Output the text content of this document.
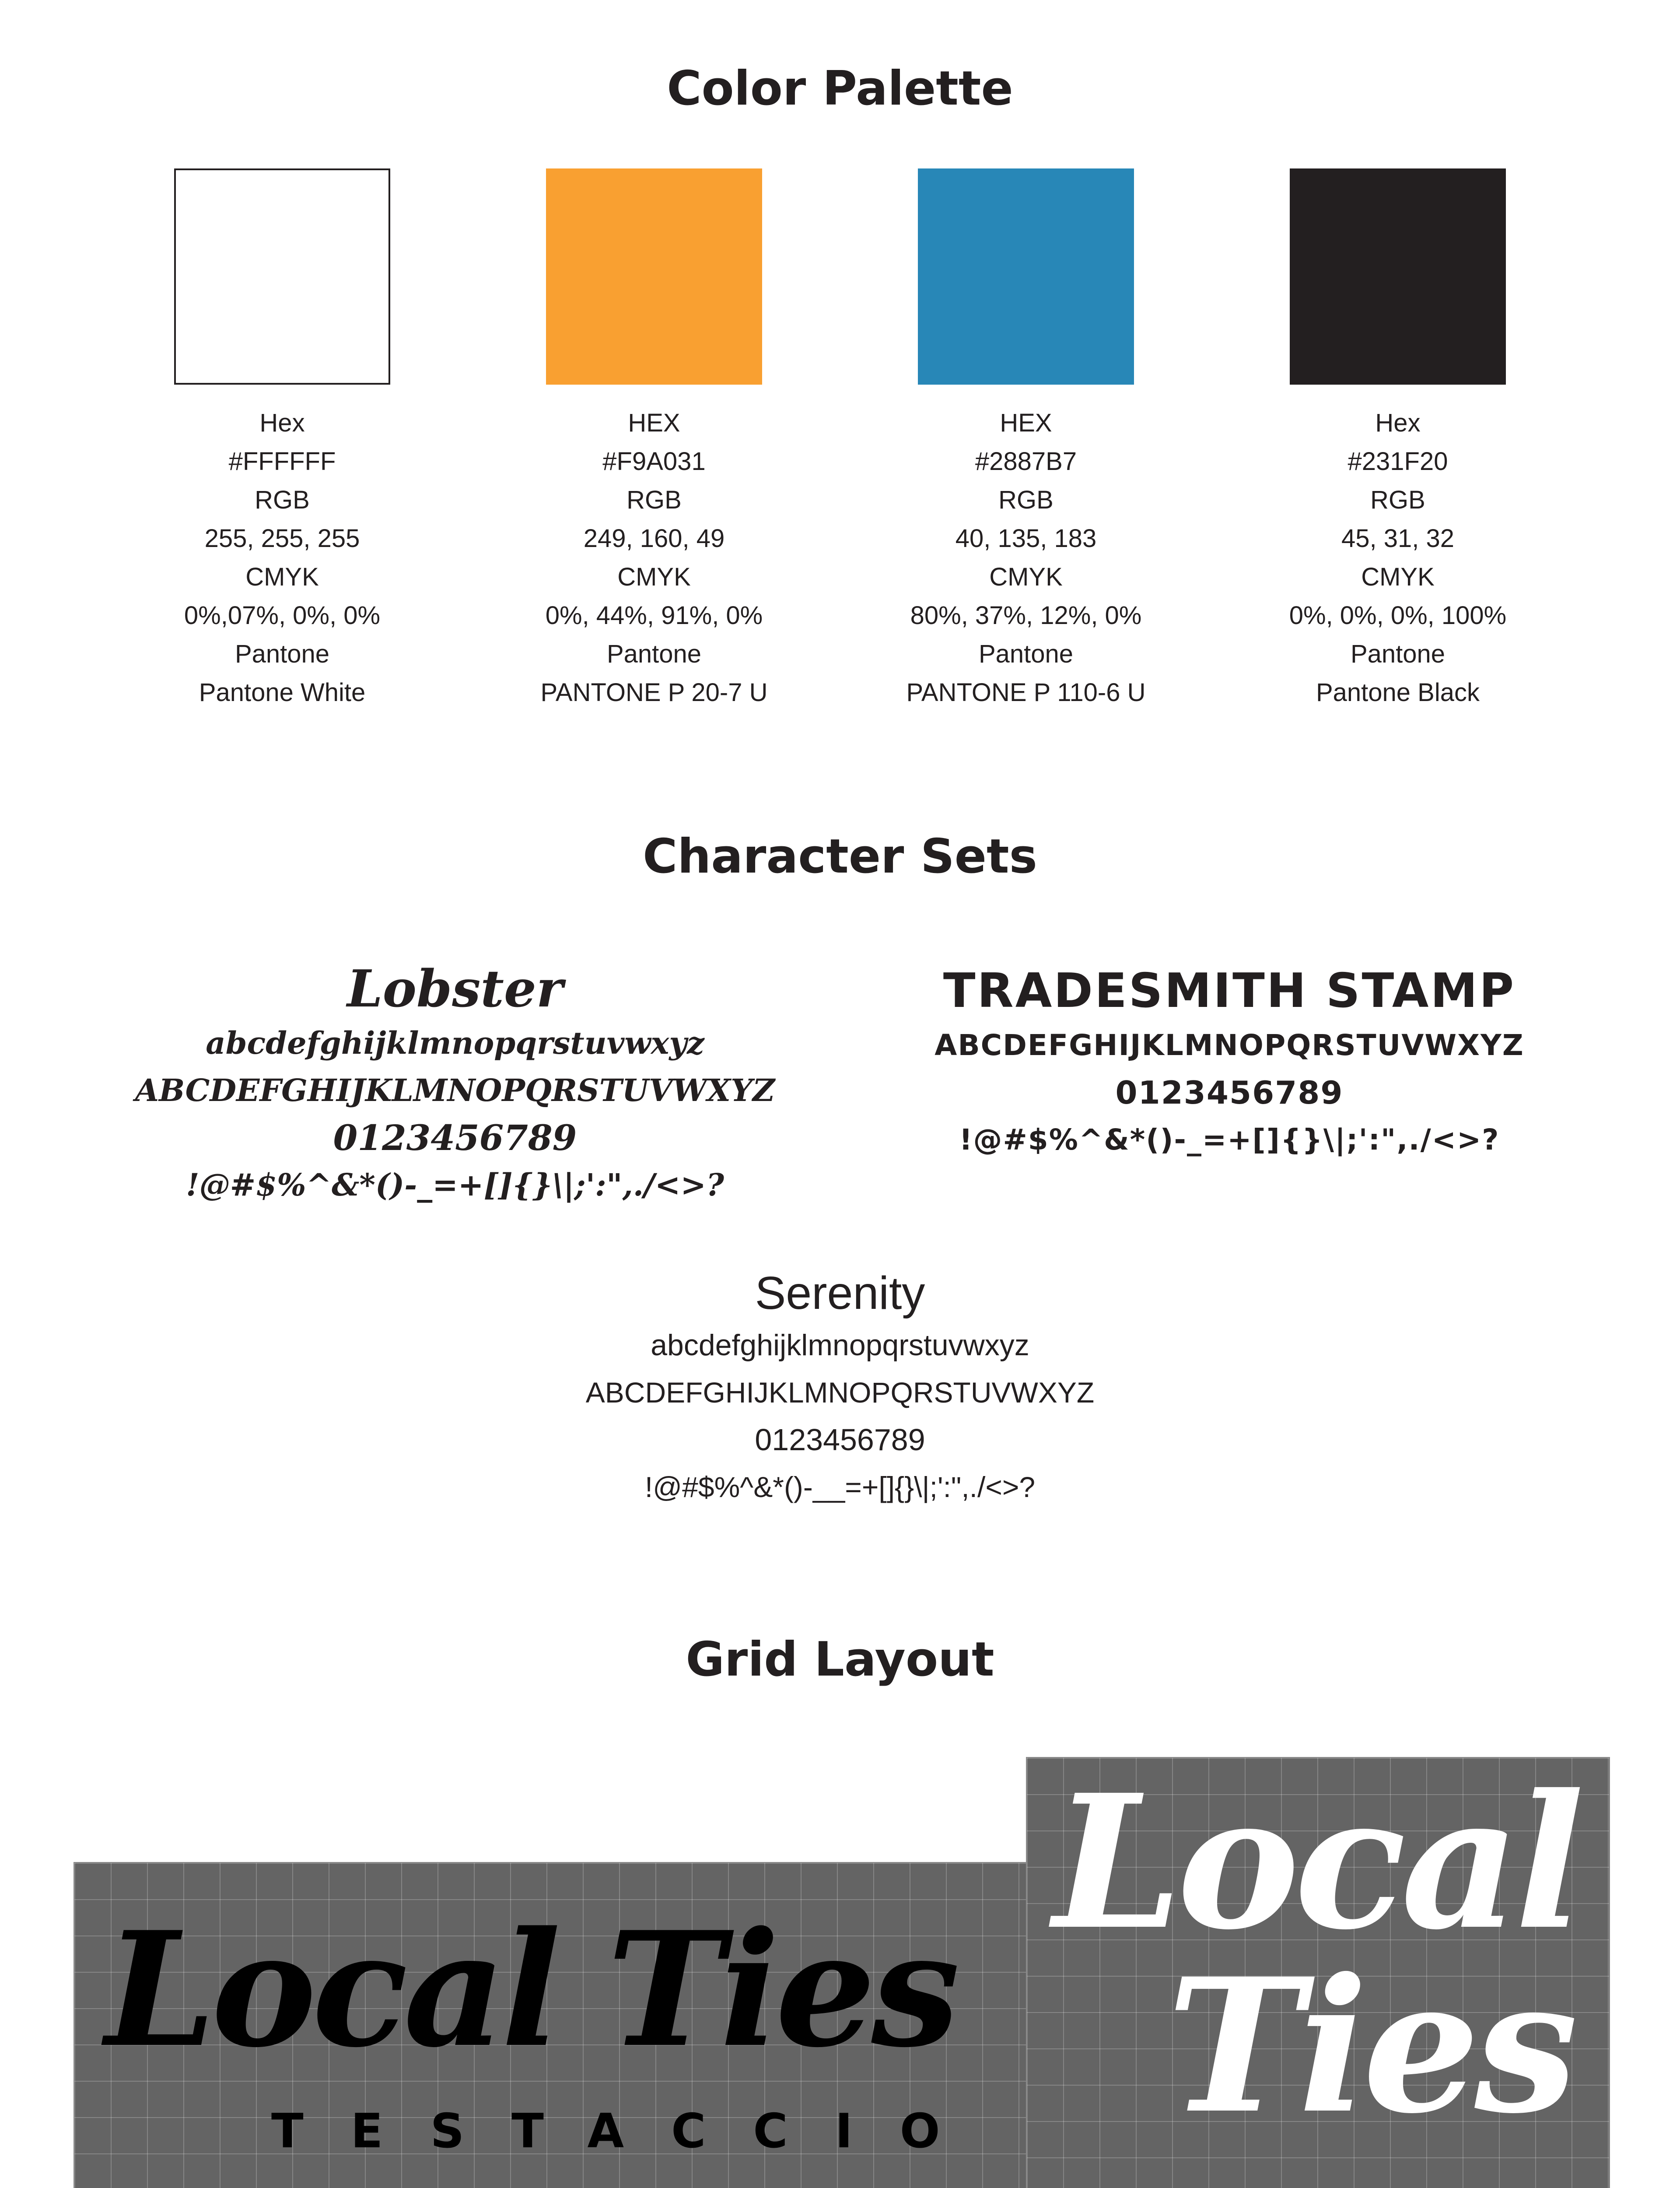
Color Palette
Hex
#FFFFFF
RGB
255, 255, 255
CMYK
0%,07%, 0%, 0%
Pantone
Pantone White
HEX
#F9A031
RGB
249, 160, 49
CMYK
0%, 44%, 91%, 0%
Pantone
PANTONE P 20-7 U
HEX
#2887B7
RGB
40, 135, 183
CMYK
80%, 37%, 12%, 0%
Pantone
PANTONE P 110-6 U
Hex
#231F20
RGB
45, 31, 32
CMYK
0%, 0%, 0%, 100%
Pantone
Pantone Black
Character Sets
Lobster
abcdefghijklmnopqrstuvwxyz
ABCDEFGHIJKLMNOPQRSTUVWXYZ
0123456789
!@#$%^&*()-_=+[]{}\|;':",./<>?
TRADESMITH STAMP
ABCDEFGHIJKLMNOPQRSTUVWXYZ
0123456789
!@#$%^&*()-_=+[]{}\|;':",./<>?
Serenity
abcdefghijklmnopqrstuvwxyz
ABCDEFGHIJKLMNOPQRSTUVWXYZ
0123456789
!@#$%^&*()-__=+[]{}\|;':",./<>?
Grid Layout
Local Ties
TESTACCIO
Local
Ties
